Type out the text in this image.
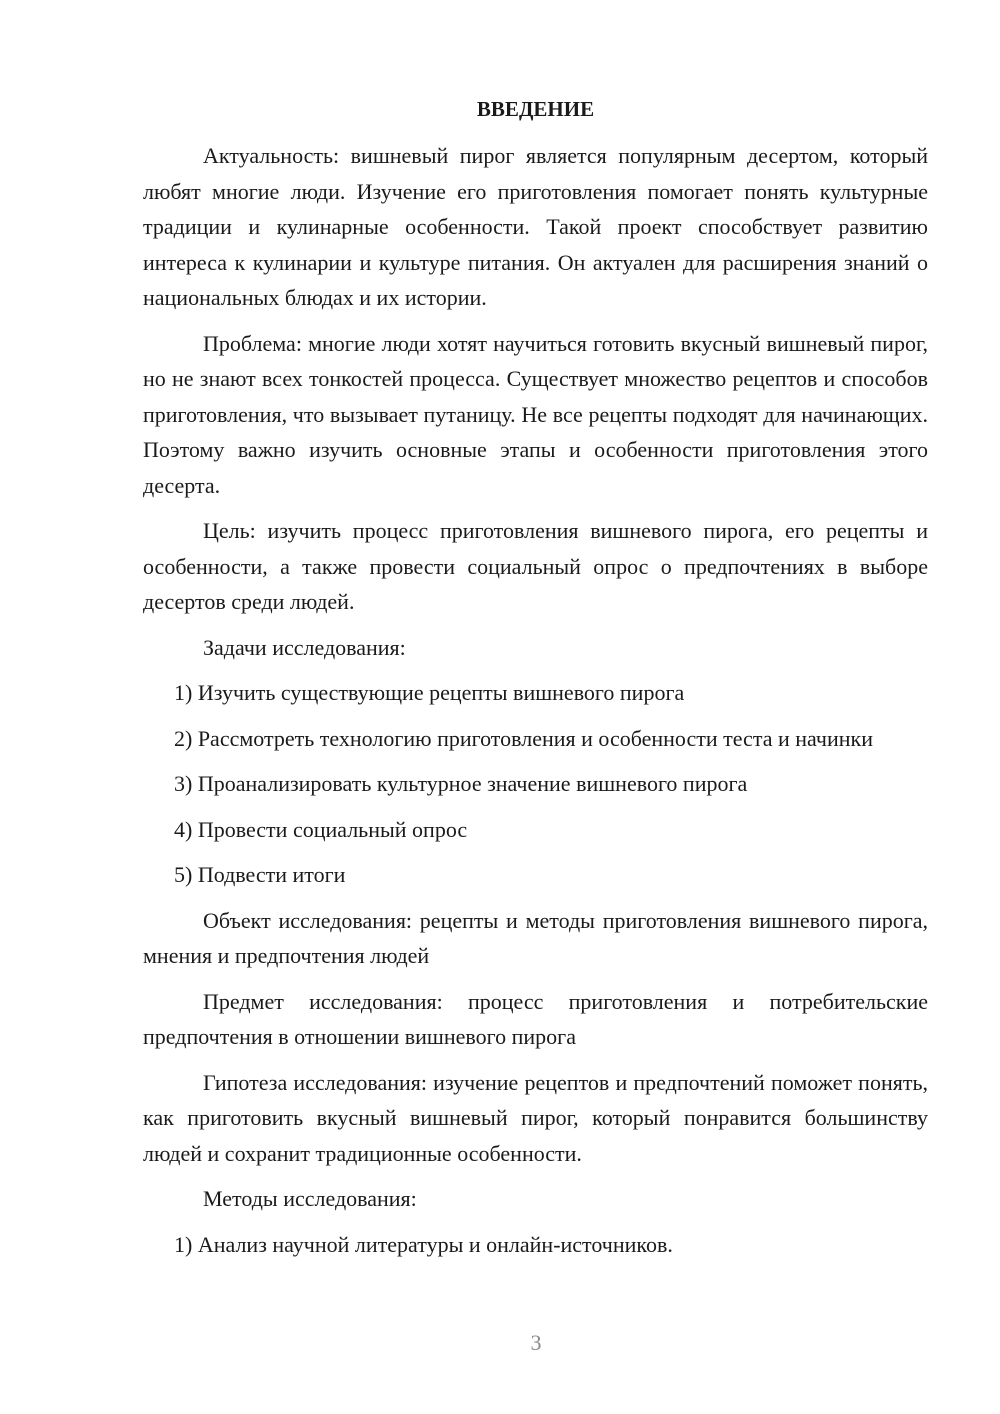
ВВЕДЕНИЕ

Актуальность: вишневый пирог является популярным десертом, который любят многие люди. Изучение его приготовления помогает понять культурные традиции и кулинарные особенности. Такой проект способствует развитию интереса к кулинарии и культуре питания. Он актуален для расширения знаний о национальных блюдах и их истории.

Проблема: многие люди хотят научиться готовить вкусный вишневый пирог, но не знают всех тонкостей процесса. Существует множество рецептов и способов приготовления, что вызывает путаницу. Не все рецепты подходят для начинающих. Поэтому важно изучить основные этапы и особенности приготовления этого десерта.

Цель: изучить процесс приготовления вишневого пирога, его рецепты и особенности, а также провести социальный опрос о предпочтениях в выборе десертов среди людей.

Задачи исследования:

1) Изучить существующие рецепты вишневого пирога

2) Рассмотреть технологию приготовления и особенности теста и начинки

3) Проанализировать культурное значение вишневого пирога

4) Провести социальный опрос

5) Подвести итоги

Объект исследования: рецепты и методы приготовления вишневого пирога, мнения и предпочтения людей

Предмет исследования: процесс приготовления и потребительские предпочтения в отношении вишневого пирога

Гипотеза исследования: изучение рецептов и предпочтений поможет понять, как приготовить вкусный вишневый пирог, который понравится большинству людей и сохранит традиционные особенности.

Методы исследования:

1) Анализ научной литературы и онлайн-источников.

3
